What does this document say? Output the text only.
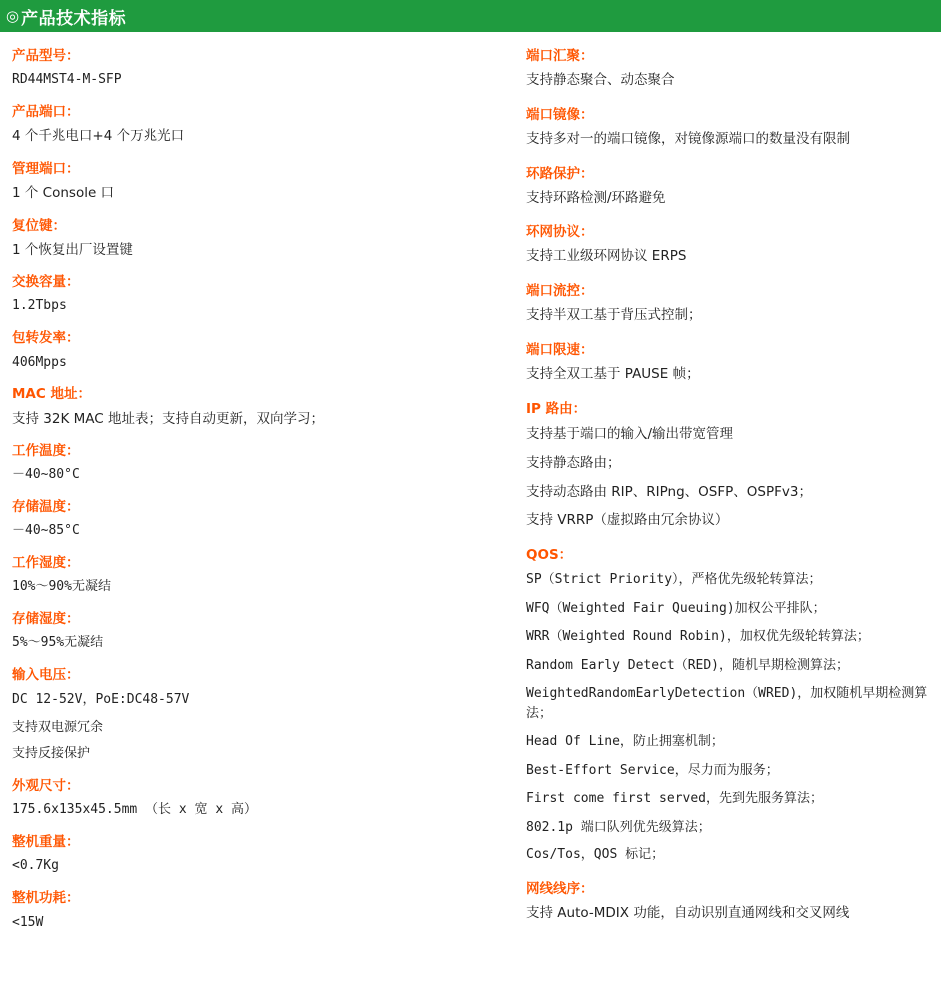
◎ 产品技术指标
产品型号：
RD44MST4-M-SFP
产品端口：
4 个千兆电口+4 个万兆光口
管理端口：
1 个 Console 口
复位键：
1 个恢复出厂设置键
交换容量：
1.2Tbps
包转发率：
406Mpps
MAC 地址：
支持 32K MAC 地址表；支持自动更新，双向学习；
工作温度：
－40~80°C
存储温度：
－40~85°C
工作湿度：
10%～90%无凝结
存储湿度：
5%～95%无凝结
输入电压：
DC 12-52V，PoE:DC48-57V
支持双电源冗余
支持反接保护
外观尺寸：
175.6x135x45.5mm （长 x 宽 x 高）
整机重量：
<0.7Kg
整机功耗：
<15W
端口汇聚：
支持静态聚合、动态聚合
端口镜像：
支持多对一的端口镜像，对镜像源端口的数量没有限制
环路保护：
支持环路检测/环路避免
环网协议：
支持工业级环网协议 ERPS
端口流控：
支持半双工基于背压式控制；
端口限速：
支持全双工基于 PAUSE 帧；
IP 路由：
支持基于端口的输入/输出带宽管理
支持静态路由；
支持动态路由 RIP、RIPng、OSFP、OSPFv3；
支持 VRRP（虚拟路由冗余协议）
QOS：
SP（Strict Priority），严格优先级轮转算法；
WFQ（Weighted Fair Queuing)加权公平排队；
WRR（Weighted Round Robin)，加权优先级轮转算法；
Random Early Detect（RED)，随机早期检测算法；
WeightedRandomEarlyDetection（WRED)，加权随机早期检测算法；
Head Of Line，防止拥塞机制；
Best-Effort Service，尽力而为服务；
First come first served，先到先服务算法；
802.1p 端口队列优先级算法；
Cos/Tos，QOS 标记；
网线线序：
支持 Auto-MDIX 功能，自动识别直通网线和交叉网线
